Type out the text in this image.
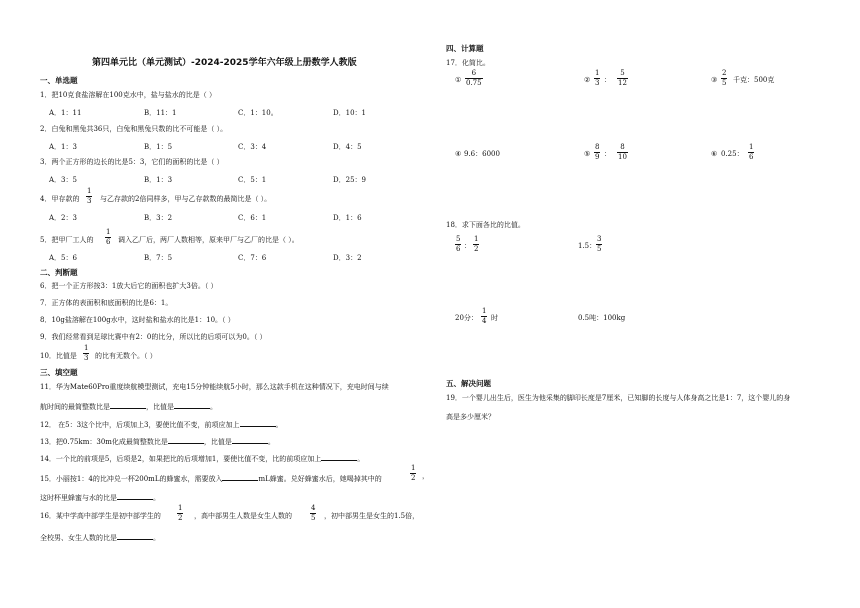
第四单元比（单元测试）-2024-2025学年六年级上册数学人教版
一、单选题
1．把10克食盐溶解在100克水中，盐与盐水的比是（ ）
A．1：11	B．11：1	C．1：10。	D．10：1
2．白兔和黑兔共36只，白兔和黑兔只数的比不可能是（ ）。
A．1：3	B．1：5	C．3：4	D．4：5
3．两个正方形的边长的比是5：3，它们的面积的比是（ ）
A．3：5	B．1：3	C．5：1	D．25：9
4．甲存款的
1
3 与乙存款的2倍同样多，甲与乙存款数的最简比是（ ）。
A．2：3	B．3：2	C．6：1	D．1：6
5．把甲厂工人的
1
6 调入乙厂后，两厂人数相等，原来甲厂与乙厂的比是（ ）。
A．5：6	B．7：5	C．7：6	D．3：2
二、判断题
6．把一个正方形按3：1放大后它的面积也扩大3倍。（ ）
7．正方体的表面积和底面积的比是6：1。
8．10g盐溶解在100g水中，这时盐和盐水的比是1：10。（ ）
9．我们经常看到足球比赛中有2：0的比分，所以比的后项可以为0。（ ）
10．比值是
1
3 的比有无数个。（ ）
三、填空题
11．华为Mate60Pro重度续航模型测试，充电15分钟能续航5小时，那么这款手机在这种情况下，充电时间与续
航时间的最简整数比是	，比值是	。
12． 在5：3这个比中，后项加上3，要使比值不变，前项应加上	。
13．把0.75km：30m化成最简整数比是	，比值是	。
14．一个比的前项是5，后项是2，如果把比的后项增加1，要使比值不变，比的前项应加上	。
15．小丽按1：4的比冲兑一杯200mL的蜂蜜水，需要放入	mL蜂蜜。兑好蜂蜜水后，她喝掉其中的
1
2 ，
这时杯里蜂蜜与水的比是	。
16．某中学高中部学生是初中部学生的
1
2 ，高中部男生人数是女生人数的
4
5 ，初中部男生是女生的1.5倍，
全校男、女生人数的比是	。
四、计算题
17．化简比。
①
6
0.75	②
1
3 ：
5
12	③
2
5 千克：500克
④ 9.6：6000	⑤
8
9 ：
8
10	⑥ 0.25：
1
6
18．求下面各比的比值。
5
6 ：
1
2	1.5：
3
5
20分：
1
4 时	0.5吨：100kg
五、解决问题
19．一个婴儿出生后，医生为他采集的脚印长度是7厘米，已知脚的长度与人体身高之比是1：7，这个婴儿的身
高是多少厘米？
